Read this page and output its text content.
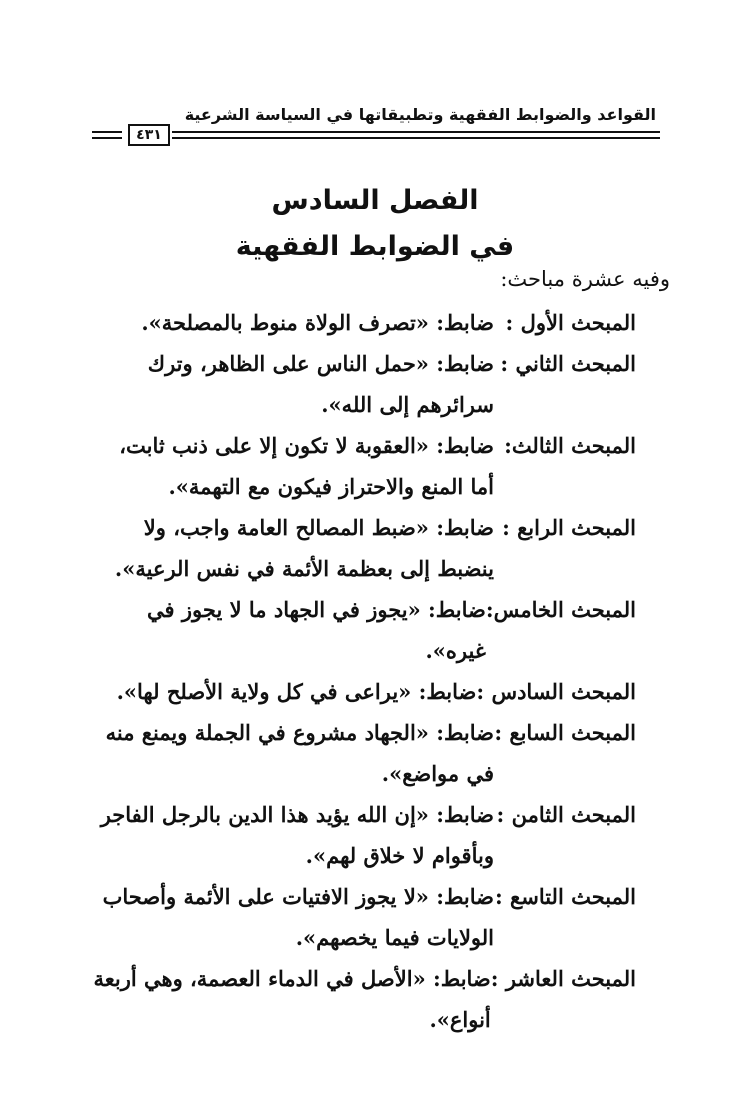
القواعد والضوابط الفقهية وتطبيقاتها في السياسة الشرعية
٤٣١
الفصل السادس
في الضوابط الفقهية
وفيه عشرة مباحث:
المبحث الأول :
ضابط: «تصرف الولاة منوط بالمصلحة».
المبحث الثاني :
ضابط: «حمل الناس على الظاهر، وترك سرائرهم إلى الله».
المبحث الثالث:
ضابط: «العقوبة لا تكون إلا على ذنب ثابت، أما المنع والاحتراز فيكون مع التهمة».
المبحث الرابع :
ضابط: «ضبط المصالح العامة واجب، ولا ينضبط إلى بعظمة الأئمة في نفس الرعية».
المبحث الخامس:
ضابط: «يجوز في الجهاد ما لا يجوز في غيره».
المبحث السادس :
ضابط: «يراعى في كل ولاية الأصلح لها».
المبحث السابع :
ضابط: «الجهاد مشروع في الجملة ويمنع منه في مواضع».
المبحث الثامن :
ضابط: «إن الله يؤيد هذا الدين بالرجل الفاجر وبأقوام لا خلاق لهم».
المبحث التاسع :
ضابط: «لا يجوز الافتيات على الأئمة وأصحاب الولايات فيما يخصهم».
المبحث العاشر :
ضابط: «الأصل في الدماء العصمة، وهي أربعة أنواع».
